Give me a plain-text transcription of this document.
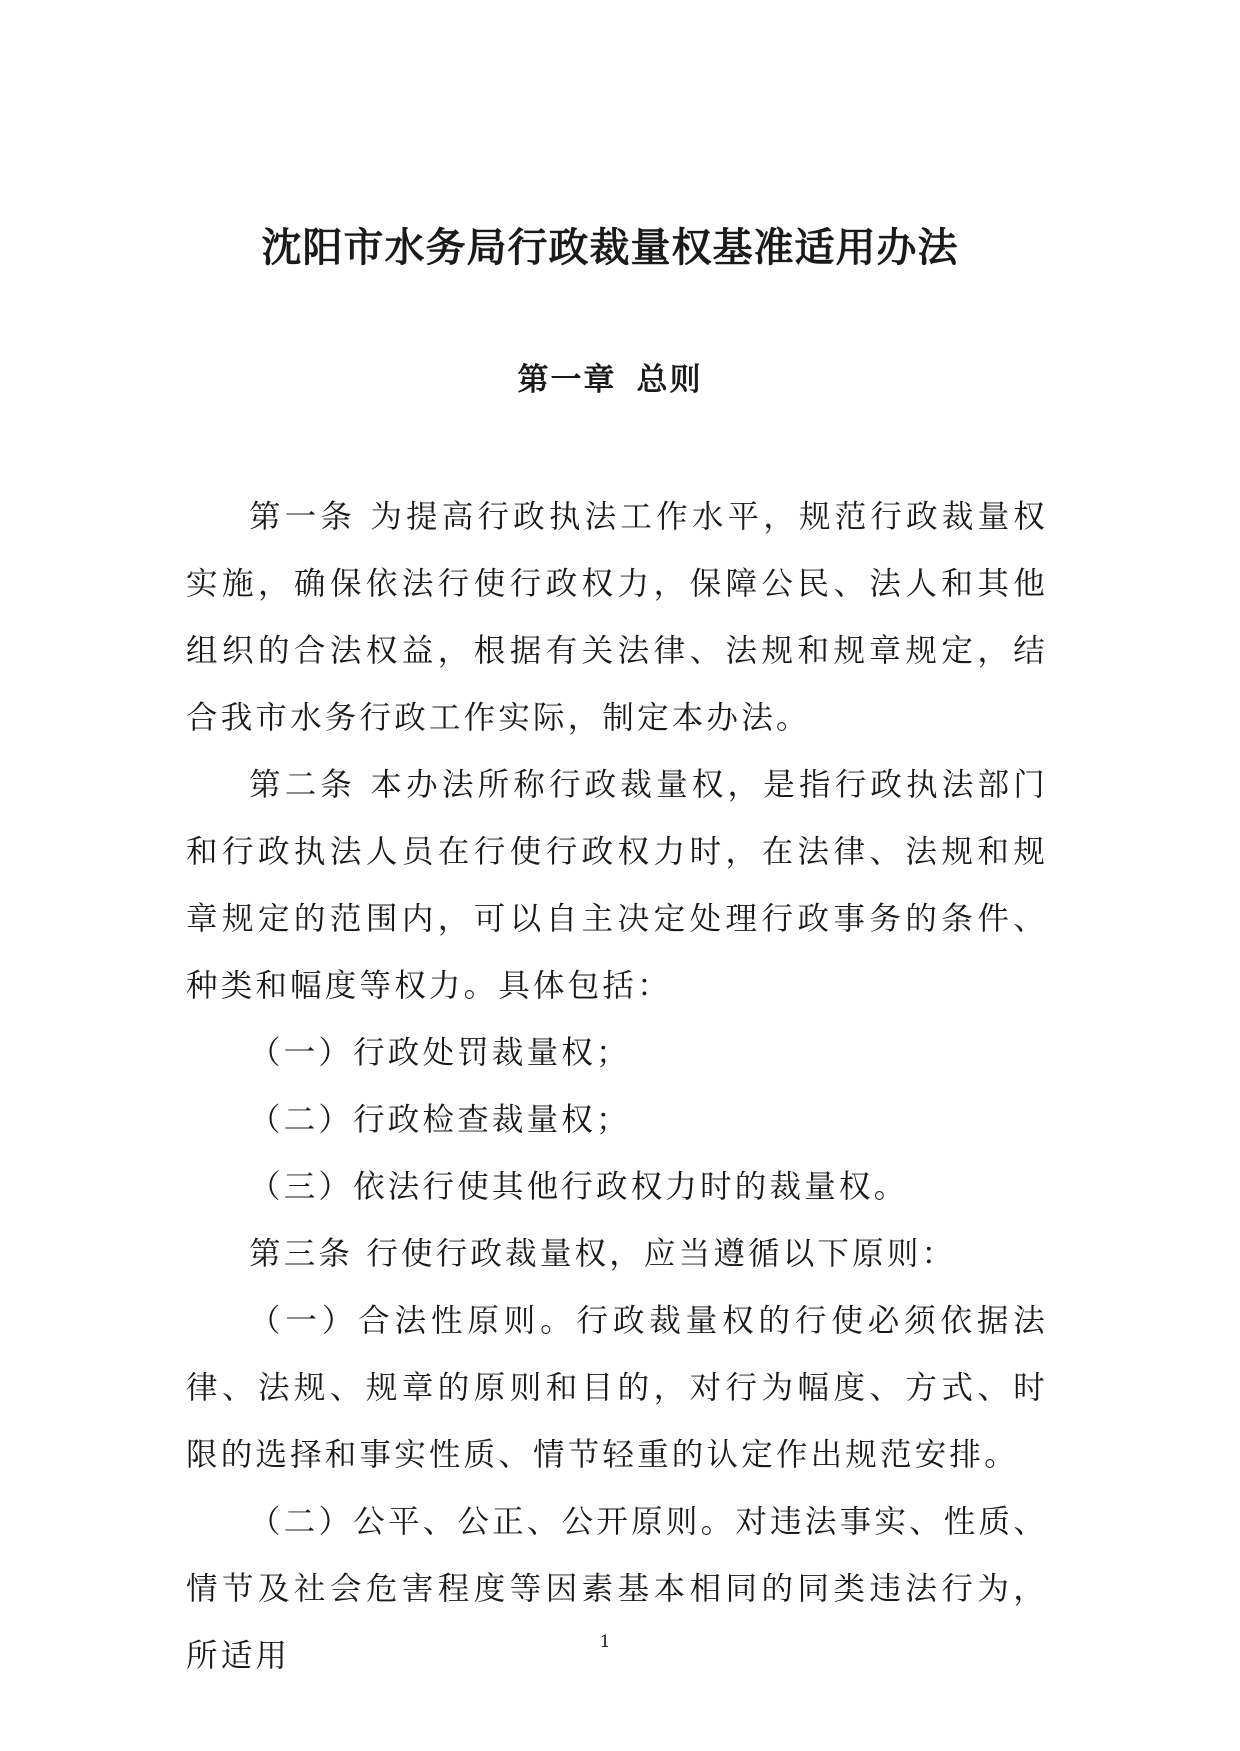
沈阳市水务局行政裁量权基准适用办法
第一章 总则

第一条 为提高行政执法工作水平，规范行政裁量权实施，确保依法行使行政权力，保障公民、法人和其他组织的合法权益，根据有关法律、法规和规章规定，结合我市水务行政工作实际，制定本办法。

第二条 本办法所称行政裁量权，是指行政执法部门和行政执法人员在行使行政权力时，在法律、法规和规章规定的范围内，可以自主决定处理行政事务的条件、种类和幅度等权力。具体包括：

（一）行政处罚裁量权；

（二）行政检查裁量权；

（三）依法行使其他行政权力时的裁量权。

第三条 行使行政裁量权，应当遵循以下原则：

（一）合法性原则。行政裁量权的行使必须依据法律、法规、规章的原则和目的，对行为幅度、方式、时限的选择和事实性质、情节轻重的认定作出规范安排。

（二）公平、公正、公开原则。对违法事实、性质、情节及社会危害程度等因素基本相同的同类违法行为，所适用	1
